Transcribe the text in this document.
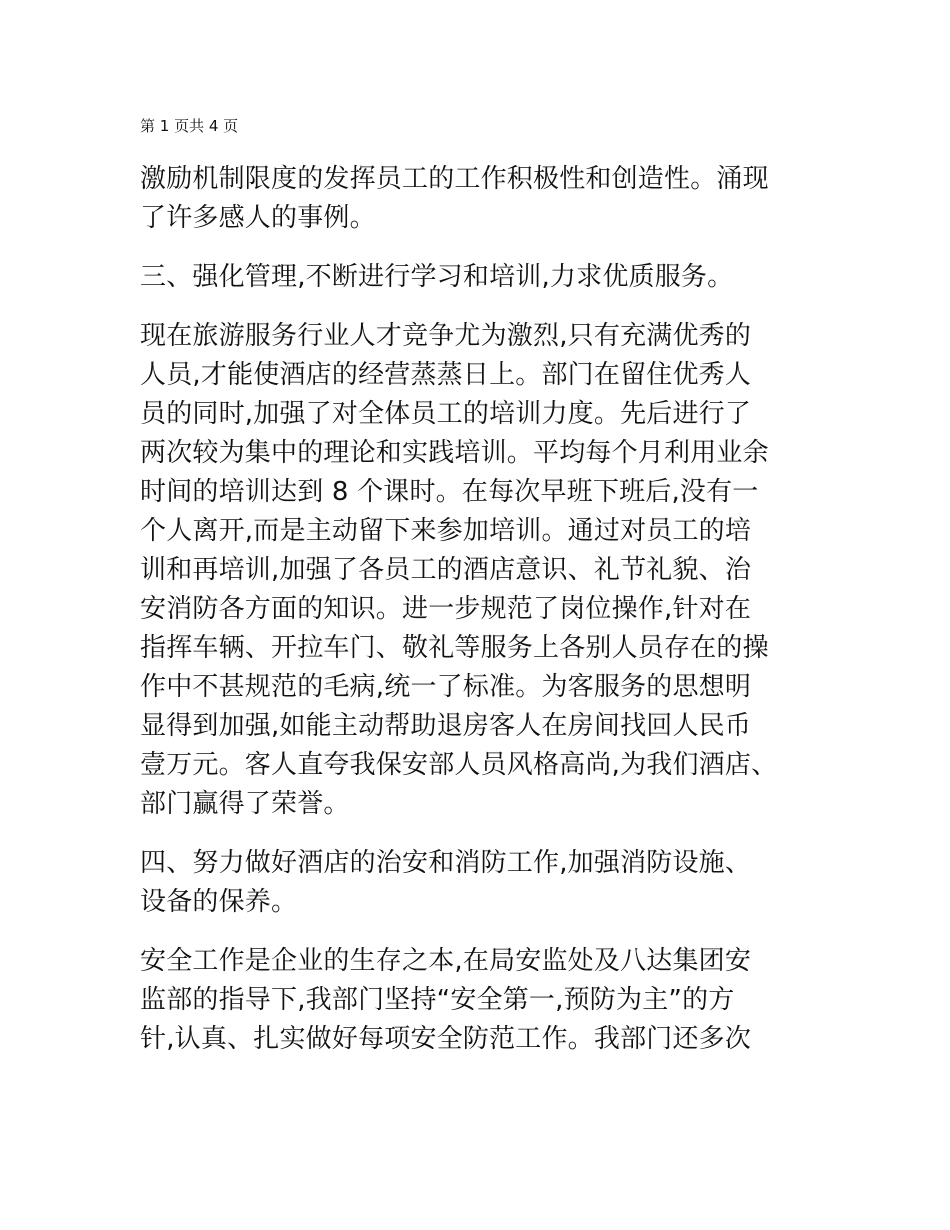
第 1 页共 4 页
激励机制限度的发挥员工的工作积极性和创造性。涌现
了许多感人的事例。
三、强化管理,不断进行学习和培训,力求优质服务。
现在旅游服务行业人才竞争尤为激烈,只有充满优秀的
人员,才能使酒店的经营蒸蒸日上。部门在留住优秀人
员的同时,加强了对全体员工的培训力度。先后进行了
两次较为集中的理论和实践培训。平均每个月利用业余
时间的培训达到 8 个课时。在每次早班下班后,没有一
个人离开,而是主动留下来参加培训。通过对员工的培
训和再培训,加强了各员工的酒店意识、礼节礼貌、治
安消防各方面的知识。进一步规范了岗位操作,针对在
指挥车辆、开拉车门、敬礼等服务上各别人员存在的操
作中不甚规范的毛病,统一了标准。为客服务的思想明
显得到加强,如能主动帮助退房客人在房间找回人民币
壹万元。客人直夸我保安部人员风格高尚,为我们酒店、
部门赢得了荣誉。
四、努力做好酒店的治安和消防工作,加强消防设施、
设备的保养。
安全工作是企业的生存之本,在局安监处及八达集团安
监部的指导下,我部门坚持“安全第一,预防为主”的方
针,认真、扎实做好每项安全防范工作。我部门还多次
